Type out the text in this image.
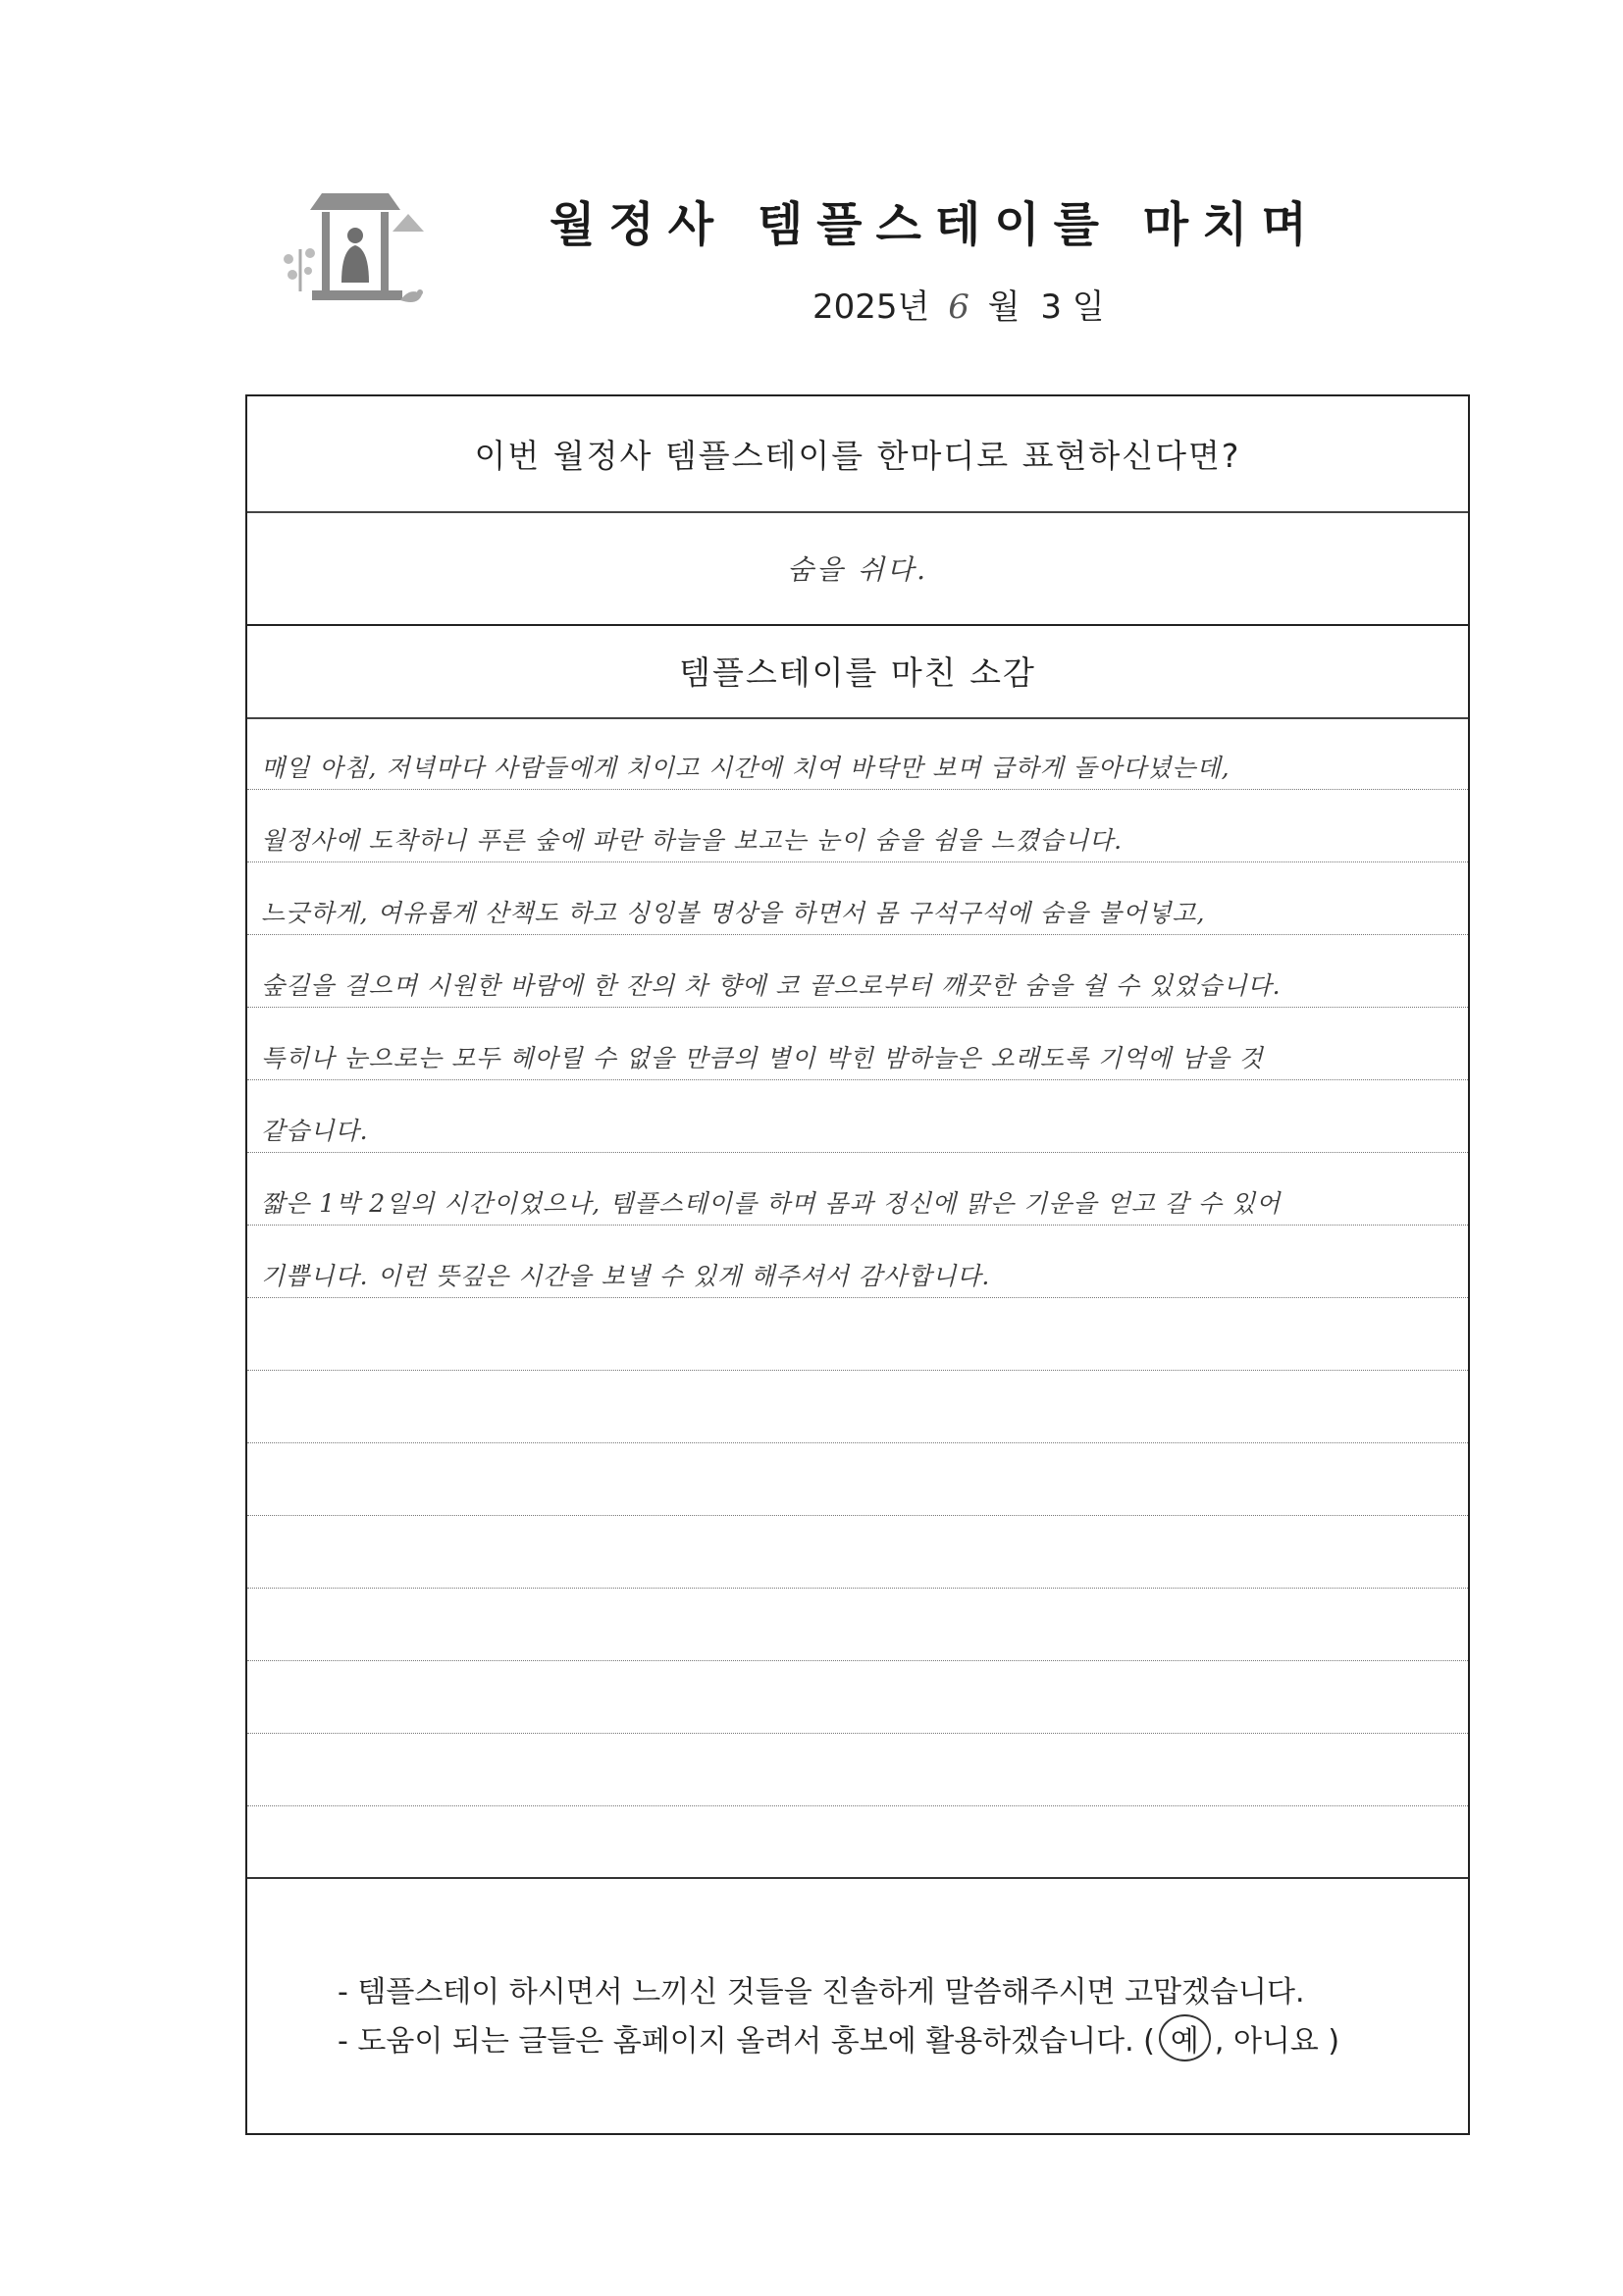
월정사 템플스테이를 마치며
2025년 6 월 3 일
이번 월정사 템플스테이를 한마디로 표현하신다면?
숨을 쉬다.
템플스테이를 마친 소감
매일 아침, 저녁마다 사람들에게 치이고 시간에 치여 바닥만 보며 급하게 돌아다녔는데,
월정사에 도착하니 푸른 숲에 파란 하늘을 보고는 눈이 숨을 쉼을 느꼈습니다.
느긋하게, 여유롭게 산책도 하고 싱잉볼 명상을 하면서 몸 구석구석에 숨을 불어넣고,
숲길을 걸으며 시원한 바람에 한 잔의 차 향에 코 끝으로부터 깨끗한 숨을 쉴 수 있었습니다.
특히나 눈으로는 모두 헤아릴 수 없을 만큼의 별이 박힌 밤하늘은 오래도록 기억에 남을 것
같습니다.
짧은 1박 2일의 시간이었으나, 템플스테이를 하며 몸과 정신에 맑은 기운을 얻고 갈 수 있어
기쁩니다. 이런 뜻깊은 시간을 보낼 수 있게 해주셔서 감사합니다.
- 템플스테이 하시면서 느끼신 것들을 진솔하게 말씀해주시면 고맙겠습니다.
- 도움이 되는 글들은 홈페이지 올려서 홍보에 활용하겠습니다. ( 예 , 아니요 )
